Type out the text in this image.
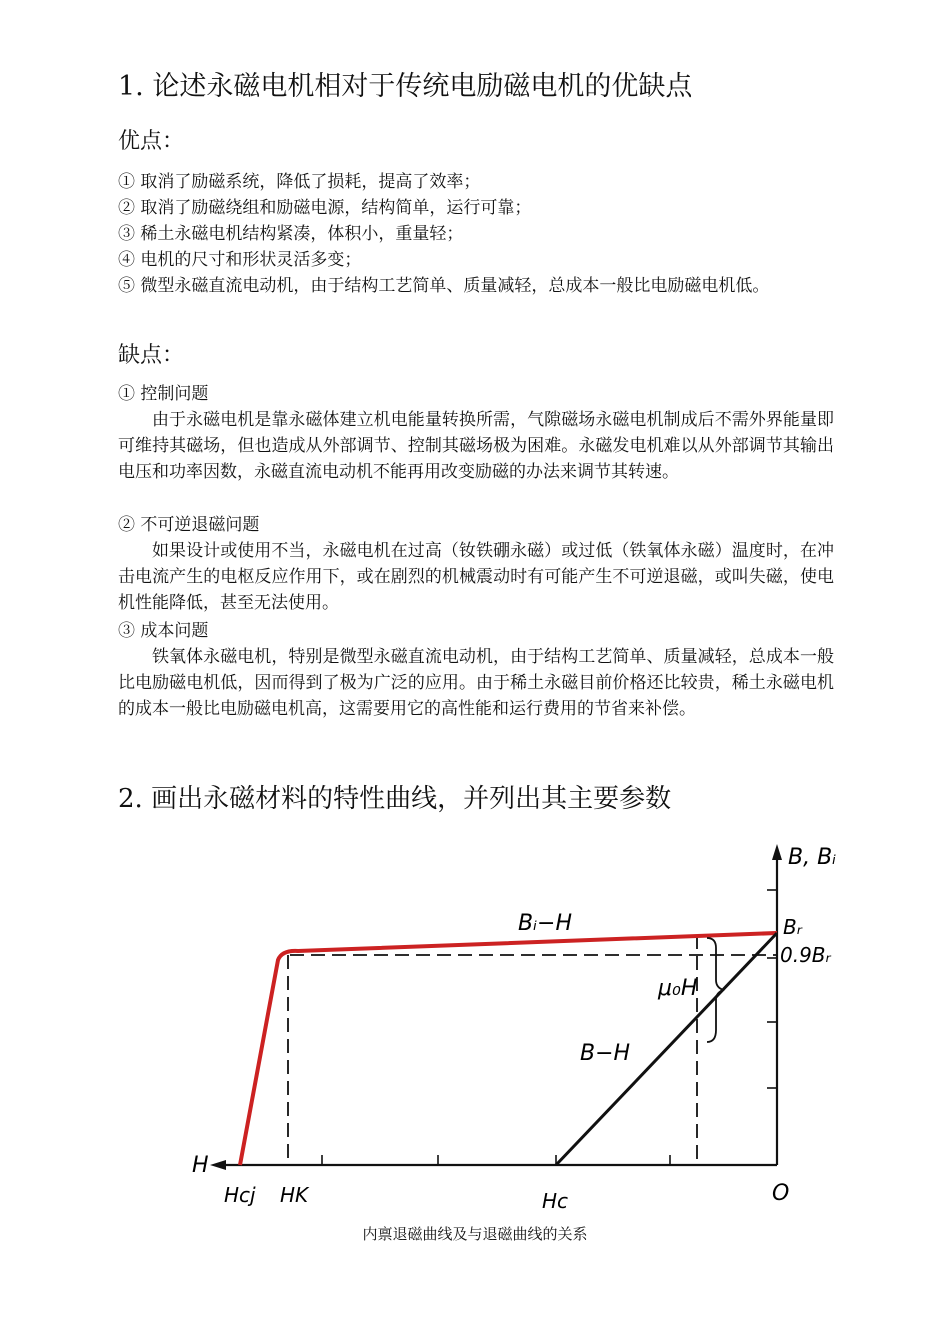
1. 论述永磁电机相对于传统电励磁电机的优缺点
优点：
① 取消了励磁系统，降低了损耗，提高了效率；
② 取消了励磁绕组和励磁电源，结构简单，运行可靠；
③ 稀土永磁电机结构紧凑，体积小，重量轻；
④ 电机的尺寸和形状灵活多变；
⑤ 微型永磁直流电动机，由于结构工艺简单、质量减轻，总成本一般比电励磁电机低。
缺点：
① 控制问题
由于永磁电机是靠永磁体建立机电能量转换所需，气隙磁场永磁电机制成后不需外界能量即可维持其磁场，但也造成从外部调节、控制其磁场极为困难。永磁发电机难以从外部调节其输出电压和功率因数，永磁直流电动机不能再用改变励磁的办法来调节其转速。
② 不可逆退磁问题
如果设计或使用不当，永磁电机在过高（钕铁硼永磁）或过低（铁氧体永磁）温度时，在冲击电流产生的电枢反应作用下，或在剧烈的机械震动时有可能产生不可逆退磁，或叫失磁，使电机性能降低，甚至无法使用。
③ 成本问题
铁氧体永磁电机，特别是微型永磁直流电动机，由于结构工艺简单、质量减轻，总成本一般比电励磁电机低，因而得到了极为广泛的应用。由于稀土永磁目前价格还比较贵，稀土永磁电机的成本一般比电励磁电机高，这需要用它的高性能和运行费用的节省来补偿。
2. 画出永磁材料的特性曲线，并列出其主要参数
B, Bᵢ
H
O
Bᵣ
0.9Bᵣ
Hcj HK	Hc
Bᵢ−H
B−H
μ₀H
内禀退磁曲线及与退磁曲线的关系
